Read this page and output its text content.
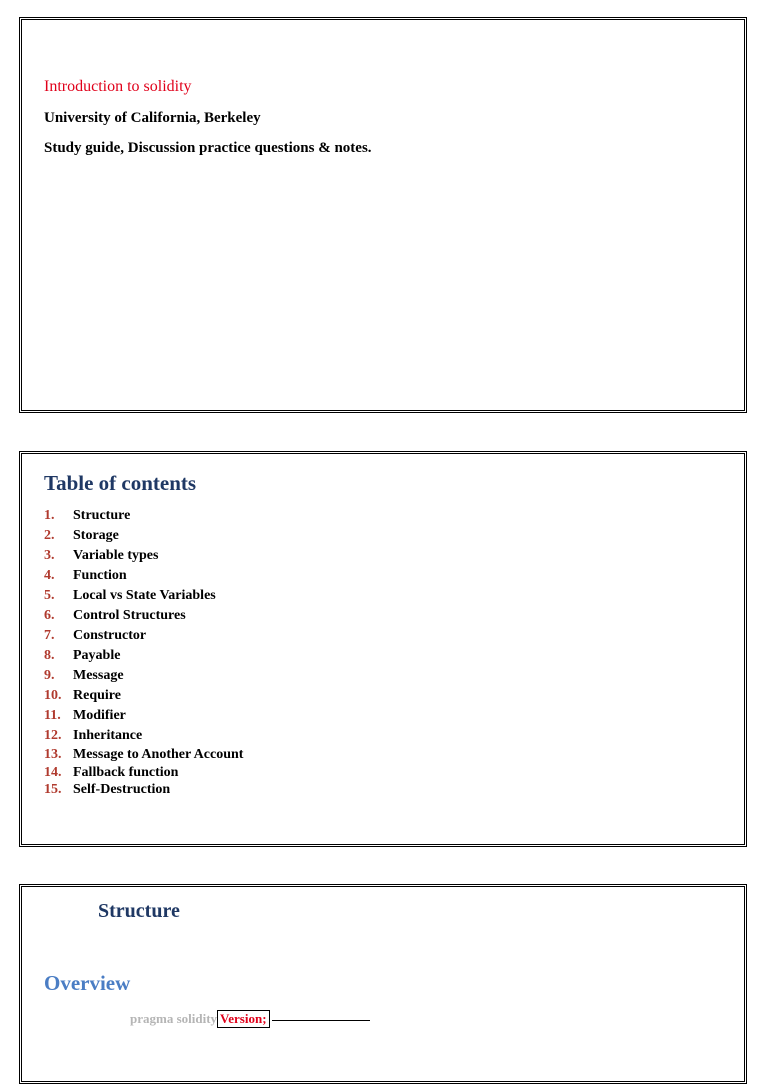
Introduction to solidity
University of California, Berkeley
Study guide, Discussion practice questions & notes.
Table of contents
1. Structure
2. Storage
3. Variable types
4. Function
5. Local vs State Variables
6. Control Structures
7. Constructor
8. Payable
9. Message
10. Require
11. Modifier
12. Inheritance
13. Message to Another Account
14. Fallback function
15. Self-Destruction
Structure
Overview
pragma solidity Version;
